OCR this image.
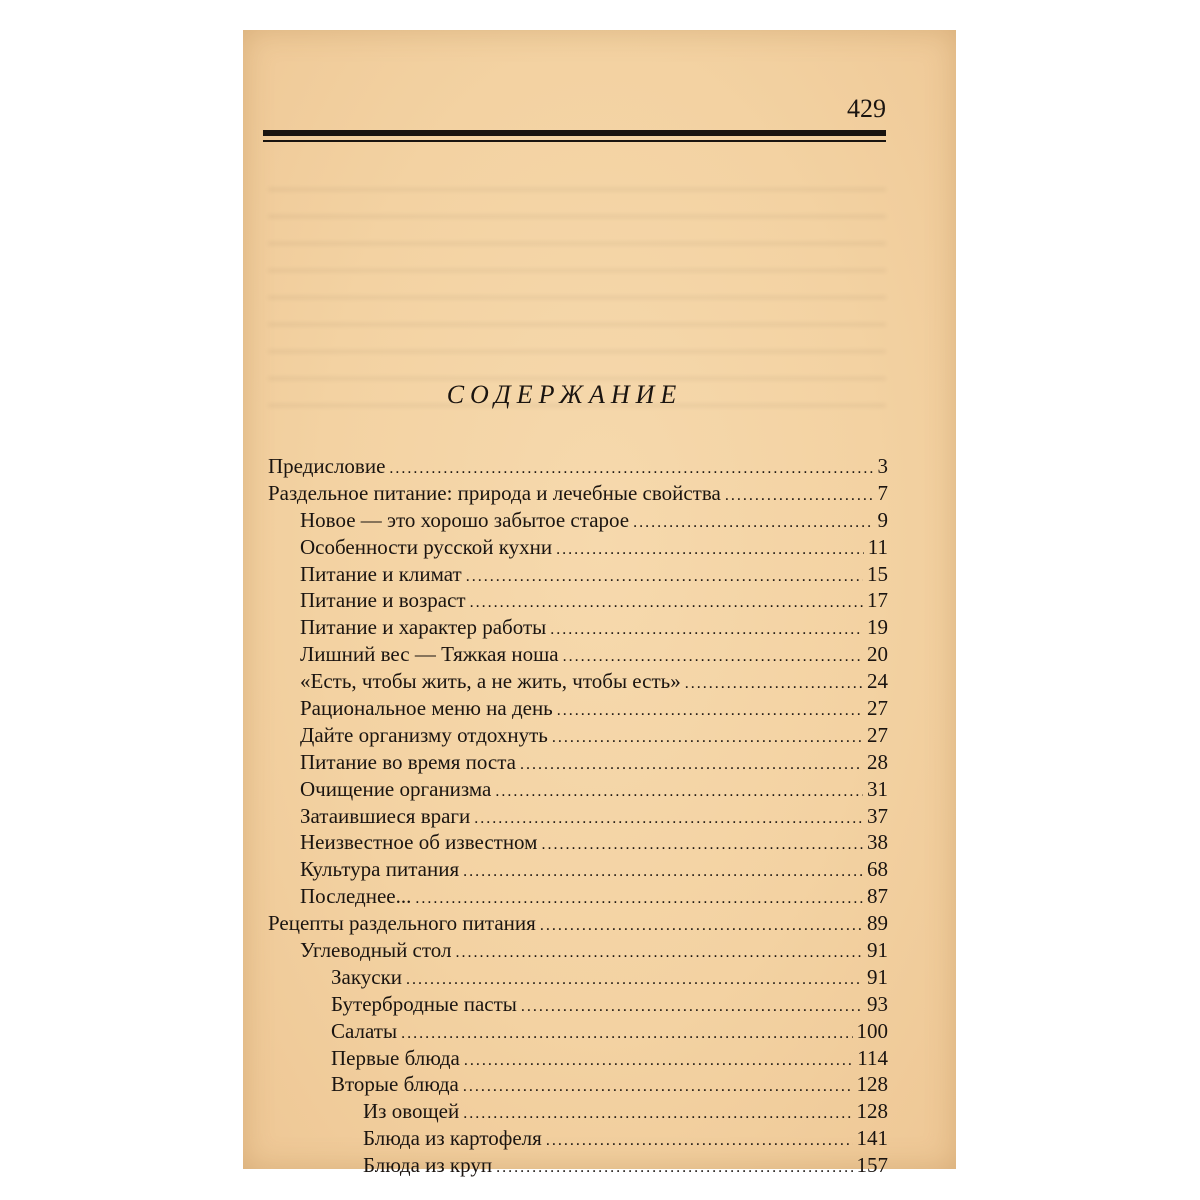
429
СОДЕРЖАНИЕ
Предисловие .....	3
Раздельное питание: природа и лечебные свойства .....	7
Новое — это хорошо забытое старое .....	9
Особенности русской кухни .....	11
Питание и климат .....	15
Питание и возраст .....	17
Питание и характер работы .....	19
Лишний вес — Тяжкая ноша .....	20
«Есть, чтобы жить, а не жить, чтобы есть» .....	24
Рациональное меню на день .....	27
Дайте организму отдохнуть .....	27
Питание во время поста .....	28
Очищение организма .....	31
Затаившиеся враги .....	37
Неизвестное об известном .....	38
Культура питания .....	68
Последнее... .....	87
Рецепты раздельного питания .....	89
Углеводный стол .....	91
Закуски .....	91
Бутербродные пасты .....	93
Салаты .....	100
Первые блюда .....	114
Вторые блюда .....	128
Из овощей .....	128
Блюда из картофеля .....	141
Блюда из круп .....	157
